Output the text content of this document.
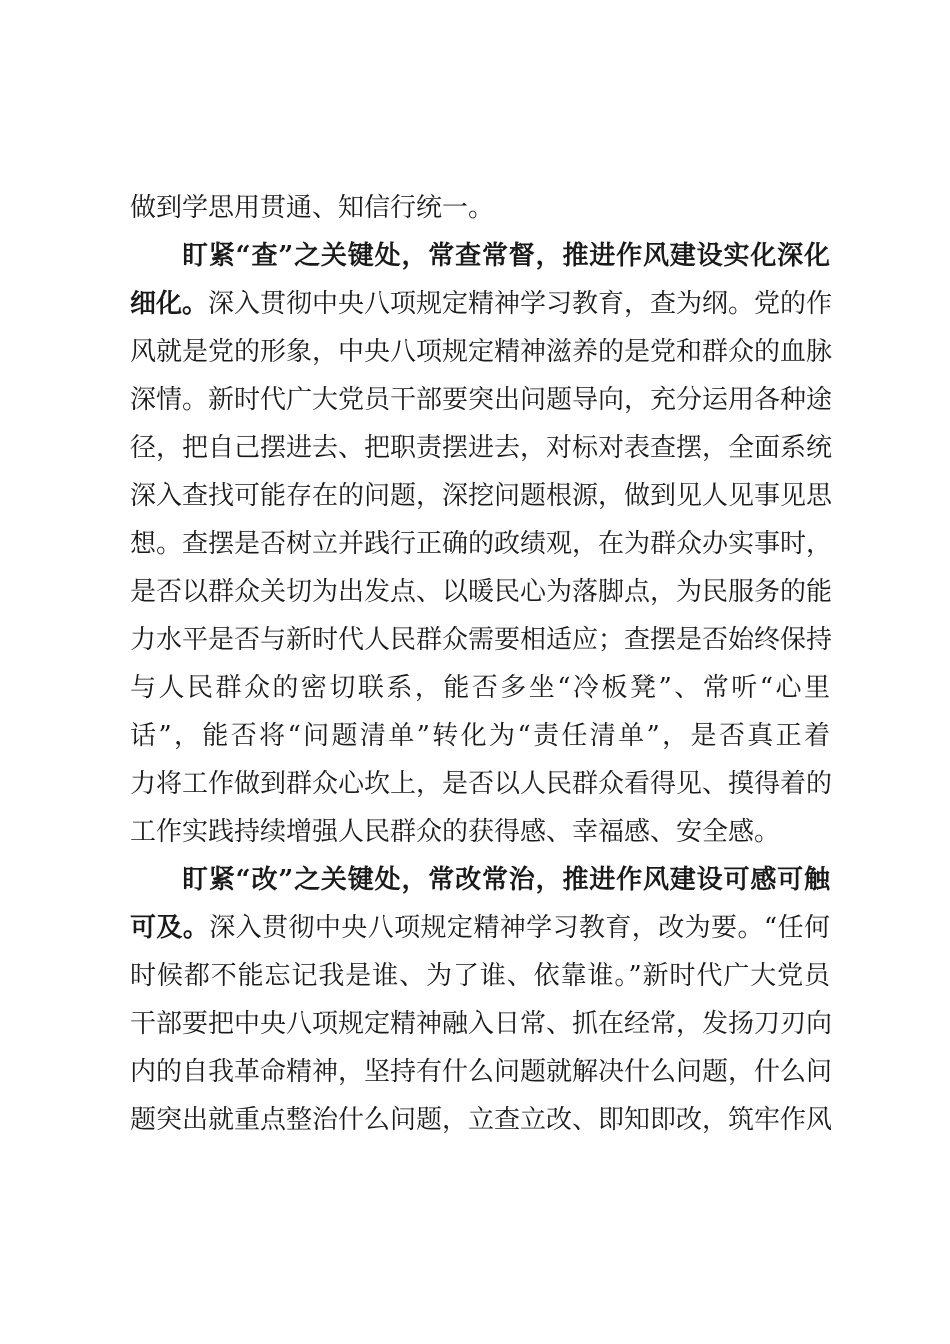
做到学思用贯通、知信行统一。
盯紧“查”之关键处，常查常督，推进作风建设实化深化
细化。深入贯彻中央八项规定精神学习教育，查为纲。党的作
风就是党的形象，中央八项规定精神滋养的是党和群众的血脉
深情。新时代广大党员干部要突出问题导向，充分运用各种途
径，把自己摆进去、把职责摆进去，对标对表查摆，全面系统
深入查找可能存在的问题，深挖问题根源，做到见人见事见思
想。查摆是否树立并践行正确的政绩观，在为群众办实事时，
是否以群众关切为出发点、以暖民心为落脚点，为民服务的能
力水平是否与新时代人民群众需要相适应；查摆是否始终保持
与人民群众的密切联系，能否多坐“冷板凳”、常听“心里
话”，能否将“问题清单”转化为“责任清单”，是否真正着
力将工作做到群众心坎上，是否以人民群众看得见、摸得着的
工作实践持续增强人民群众的获得感、幸福感、安全感。
盯紧“改”之关键处，常改常治，推进作风建设可感可触
可及。深入贯彻中央八项规定精神学习教育，改为要。“任何
时候都不能忘记我是谁、为了谁、依靠谁。”新时代广大党员
干部要把中央八项规定精神融入日常、抓在经常，发扬刀刃向
内的自我革命精神，坚持有什么问题就解决什么问题，什么问
题突出就重点整治什么问题，立查立改、即知即改，筑牢作风
